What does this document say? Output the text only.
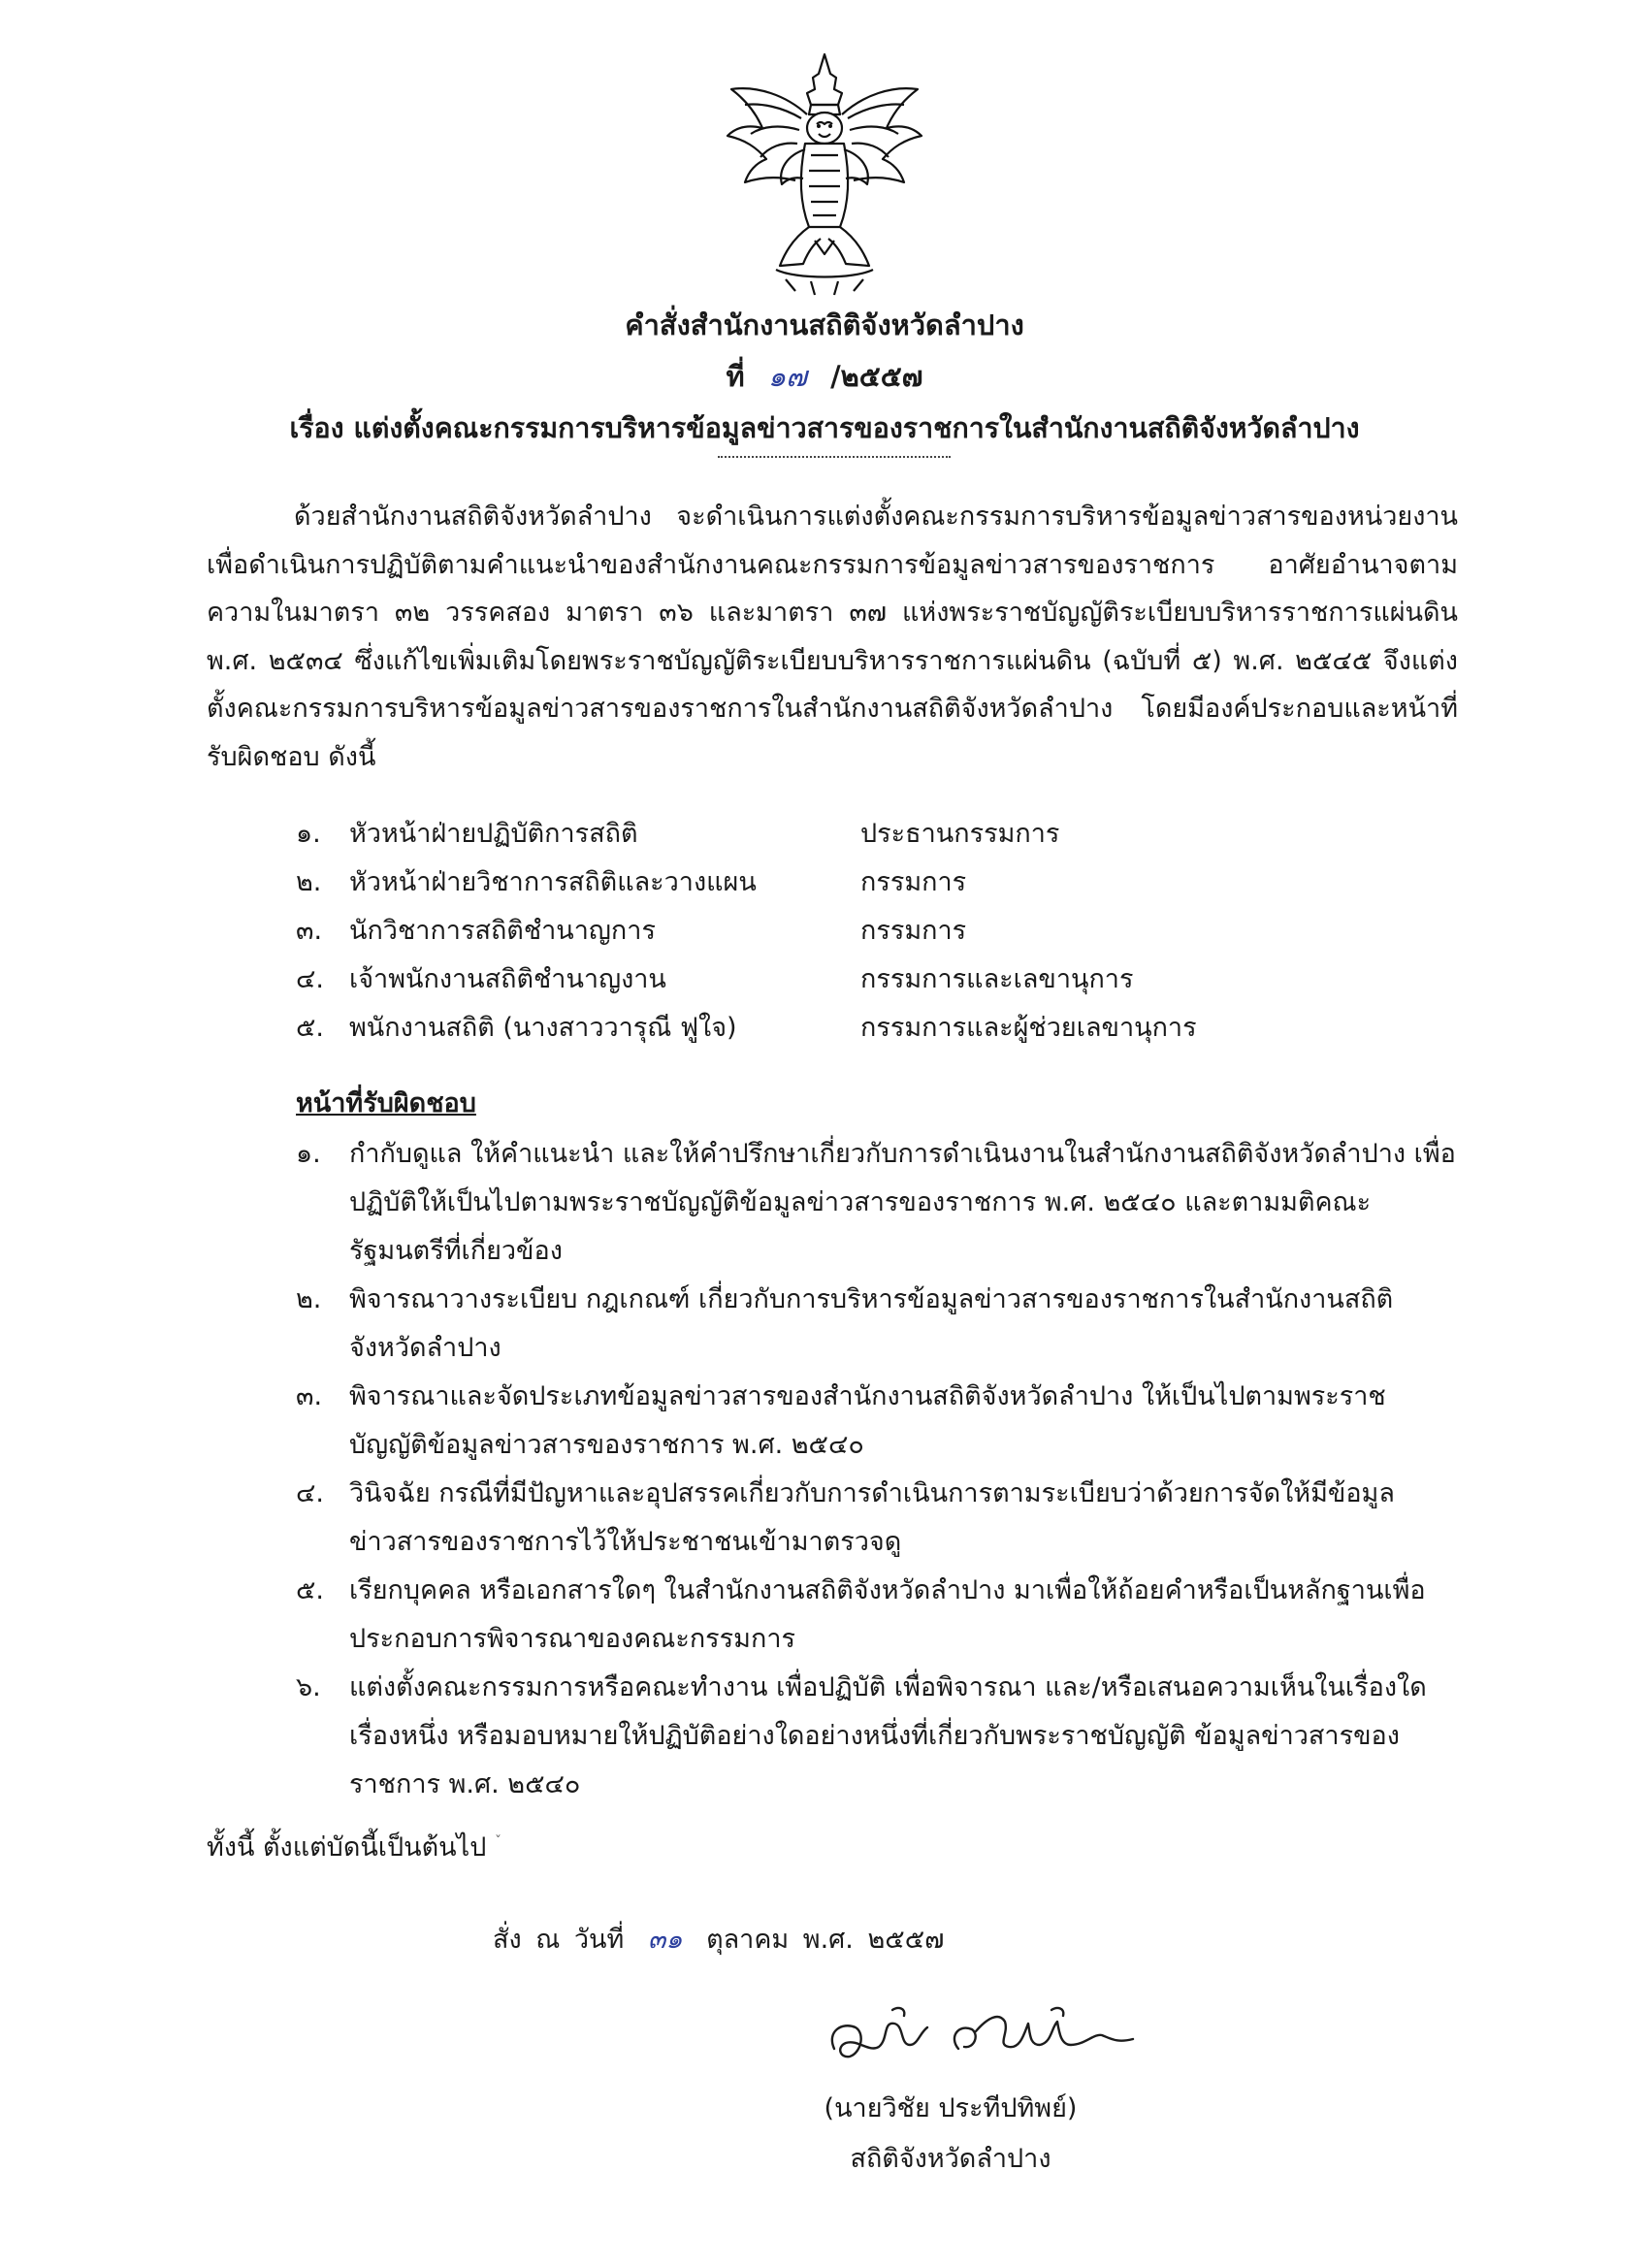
คำสั่งสำนักงานสถิติจังหวัดลำปาง
ที่ ๑๗ /๒๕๕๗
เรื่อง แต่งตั้งคณะกรรมการบริหารข้อมูลข่าวสารของราชการในสำนักงานสถิติจังหวัดลำปาง

ด้วยสำนักงานสถิติจังหวัดลำปาง จะดำเนินการแต่งตั้งคณะกรรมการบริหารข้อมูลข่าวสารของหน่วยงาน เพื่อดำเนินการปฏิบัติตามคำแนะนำของสำนักงานคณะกรรมการข้อมูลข่าวสารของราชการ อาศัยอำนาจตามความในมาตรา ๓๒ วรรคสอง มาตรา ๓๖ และมาตรา ๓๗ แห่งพระราชบัญญัติระเบียบบริหารราชการแผ่นดิน พ.ศ. ๒๕๓๔ ซึ่งแก้ไขเพิ่มเติมโดยพระราชบัญญัติระเบียบบริหารราชการแผ่นดิน (ฉบับที่ ๕) พ.ศ. ๒๕๔๕ จึงแต่งตั้งคณะกรรมการบริหารข้อมูลข่าวสารของราชการในสำนักงานสถิติจังหวัดลำปาง โดยมีองค์ประกอบและหน้าที่รับผิดชอบ ดังนี้

๑.	หัวหน้าฝ่ายปฏิบัติการสถิติ	ประธานกรรมการ
๒.	หัวหน้าฝ่ายวิชาการสถิติและวางแผน	กรรมการ
๓.	นักวิชาการสถิติชำนาญการ	กรรมการ
๔. เจ้าพนักงานสถิติชำนาญงาน	กรรมการและเลขานุการ
๕. พนักงานสถิติ (นางสาววารุณี ฟูใจ)	กรรมการและผู้ช่วยเลขานุการ
หน้าที่รับผิดชอบ
๑. กำกับดูแล ให้คำแนะนำ และให้คำปรึกษาเกี่ยวกับการดำเนินงานในสำนักงานสถิติจังหวัดลำปาง เพื่อปฏิบัติให้เป็นไปตามพระราชบัญญัติข้อมูลข่าวสารของราชการ พ.ศ. ๒๕๔๐ และตามมติคณะรัฐมนตรีที่เกี่ยวข้อง
๒. พิจารณาวางระเบียบ กฎเกณฑ์ เกี่ยวกับการบริหารข้อมูลข่าวสารของราชการในสำนักงานสถิติจังหวัดลำปาง
๓. พิจารณาและจัดประเภทข้อมูลข่าวสารของสำนักงานสถิติจังหวัดลำปาง ให้เป็นไปตามพระราชบัญญัติข้อมูลข่าวสารของราชการ พ.ศ. ๒๕๔๐
๔. วินิจฉัย กรณีที่มีปัญหาและอุปสรรคเกี่ยวกับการดำเนินการตามระเบียบว่าด้วยการจัดให้มีข้อมูลข่าวสารของราชการไว้ให้ประชาชนเข้ามาตรวจดู
๕. เรียกบุคคล หรือเอกสารใดๆ ในสำนักงานสถิติจังหวัดลำปาง มาเพื่อให้ถ้อยคำหรือเป็นหลักฐานเพื่อประกอบการพิจารณาของคณะกรรมการ
๖. แต่งตั้งคณะกรรมการหรือคณะทำงาน เพื่อปฏิบัติ เพื่อพิจารณา และ/หรือเสนอความเห็นในเรื่องใดเรื่องหนึ่ง หรือมอบหมายให้ปฏิบัติอย่างใดอย่างหนึ่งที่เกี่ยวกับพระราชบัญญัติ ข้อมูลข่าวสารของราชการ พ.ศ. ๒๕๔๐
ทั้งนี้ ตั้งแต่บัดนี้เป็นต้นไป $^ˇ$
สั่ง ณ วันที่ ๓๑ ตุลาคม พ.ศ. ๒๕๕๗
(นายวิชัย ประทีปทิพย์)
สถิติจังหวัดลำปาง
